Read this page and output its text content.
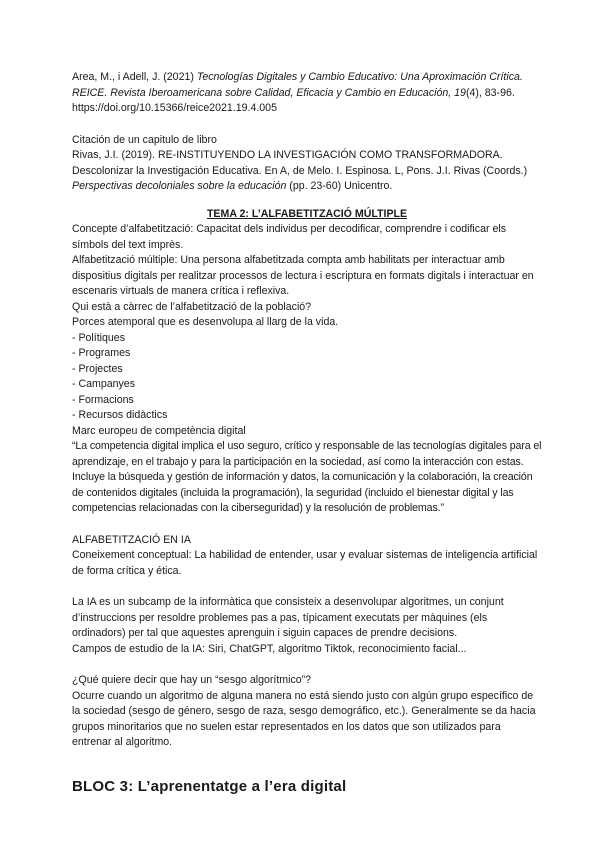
Area, M., i Adell, J. (2021) Tecnologías Digitales y Cambio Educativo: Una Aproximación Crítica. REICE. Revista Iberoamericana sobre Calidad, Eficacia y Cambio en Educación, 19(4), 83-96. https://doi.org/10.15366/reice2021.19.4.005

Citación de un capitulo de libro

Rivas, J.I. (2019). RE-INSTITUYENDO LA INVESTIGACIÓN COMO TRANSFORMADORA. Descolonizar la Investigación Educativa. En A, de Melo. I. Espinosa. L, Pons. J.I. Rivas (Coords.) Perspectivas decoloniales sobre la educación (pp. 23-60) Unicentro.

TEMA 2: L’ALFABETITZACIÓ MÚLTIPLE

Concepte d’alfabetització: Capacitat dels individus per decodificar, comprendre i codificar els símbols del text imprès.

Alfabetització múltiple: Una persona alfabetitzada compta amb habilitats per interactuar amb dispositius digitals per realitzar processos de lectura i escriptura en formats digitals i interactuar en escenaris virtuals de manera crítica i reflexiva.

Qui està a càrrec de l’alfabetització de la població?

Porces atemporal que es desenvolupa al llarg de la vida.

- Polítiques
- Programes
- Projectes
- Campanyes
- Formacions
- Recursos didàctics

Marc europeu de competència digital

“La competencia digital implica el uso seguro, crítico y responsable de las tecnologías digitales para el aprendizaje, en el trabajo y para la participación en la sociedad, así como la interacción con estas. Incluye la búsqueda y gestión de información y datos, la comunicación y la colaboración, la creación de contenidos digitales (incluida la programación), la seguridad (incluido el bienestar digital y las competencias relacionadas con la ciberseguridad) y la resolución de problemas.”

ALFABETITZACIÓ EN IA

Coneixement conceptual: La habilidad de entender, usar y evaluar sistemas de inteligencia artificial de forma crítica y ética.

La IA es un subcamp de la informàtica que consisteix a desenvolupar algoritmes, un conjunt d’instruccions per resoldre problemes pas a pas, típicament executats per màquines (els ordinadors) per tal que aquestes aprenguin i siguin capaces de prendre decisions.

Campos de estudio de la IA: Siri, ChatGPT, algoritmo Tiktok, reconocimiento facial...

¿Qué quiere decir que hay un “sesgo algorítmico”?

Ocurre cuando un algoritmo de alguna manera no está siendo justo con algún grupo específico de la sociedad (sesgo de género, sesgo de raza, sesgo demográfico, etc.). Generalmente se da hacia grupos minoritarios que no suelen estar representados en los datos que son utilizados para entrenar al algoritmo.

BLOC 3: L’aprenentatge a l’era digital
